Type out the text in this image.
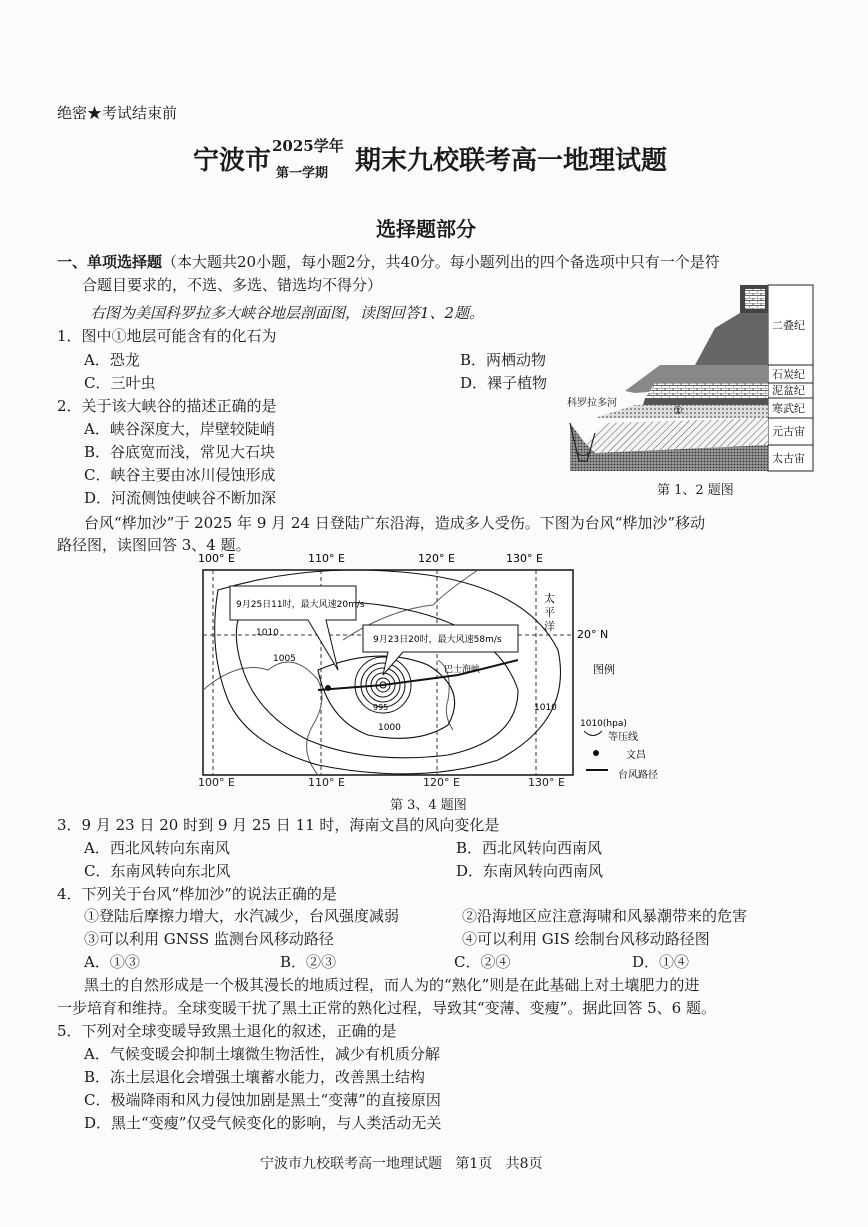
绝密★考试结束前
宁波市 2025学年
第一学期 期末九校联考高一地理试题
选择题部分
一、单项选择题（本大题共20小题，每小题2分，共40分。每小题列出的四个备选项中只有一个是符
合题目要求的，不选、多选、错选均不得分）
右图为美国科罗拉多大峡谷地层剖面图，读图回答1、2题。
1．图中①地层可能含有的化石为
A．恐龙	B．两栖动物
C．三叶虫	D．裸子植物
2．关于该大峡谷的描述正确的是
A．峡谷深度大，岸壁较陡峭
B．谷底宽而浅，常见大石块
C．峡谷主要由冰川侵蚀形成
D．河流侧蚀使峡谷不断加深
①
科罗拉多河
二叠纪
石炭纪
泥盆纪
寒武纪
元古宙
太古宙
第 1、2 题图
台风“桦加沙”于 2025 年 9 月 24 日登陆广东沿海，造成多人受伤。下图为台风“桦加沙”移动
路径图，读图回答 3、4 题。
100° E	110° E	120° E	130° E
9月25日11时，最大风速20m/s
9月23日20时，最大风速58m/s
1010
1005
1000
995	1010
太
平
洋
巴士海峡
20° N
图例
1010(hpa)
等压线
文昌
台风路径
100° E	110° E	120° E	130° E
第 3、4 题图
3．9 月 23 日 20 时到 9 月 25 日 11 时，海南文昌的风向变化是
A．西北风转向东南风	B．西北风转向西南风
C．东南风转向东北风	D．东南风转向西南风
4．下列关于台风“桦加沙”的说法正确的是
①登陆后摩擦力增大，水汽减少，台风强度减弱	②沿海地区应注意海啸和风暴潮带来的危害
③可以利用 GNSS 监测台风移动路径	④可以利用 GIS 绘制台风移动路径图
A．①③	B．②③	C．②④	D．①④
黑土的自然形成是一个极其漫长的地质过程，而人为的“熟化”则是在此基础上对土壤肥力的进
一步培育和维持。全球变暖干扰了黑土正常的熟化过程，导致其“变薄、变瘦”。据此回答 5、6 题。
5．下列对全球变暖导致黑土退化的叙述，正确的是
A．气候变暖会抑制土壤微生物活性，减少有机质分解
B．冻土层退化会增强土壤蓄水能力，改善黑土结构
C．极端降雨和风力侵蚀加剧是黑土“变薄”的直接原因
D．黑土“变瘦”仅受气候变化的影响，与人类活动无关
宁波市九校联考高一地理试题   第1页   共8页
